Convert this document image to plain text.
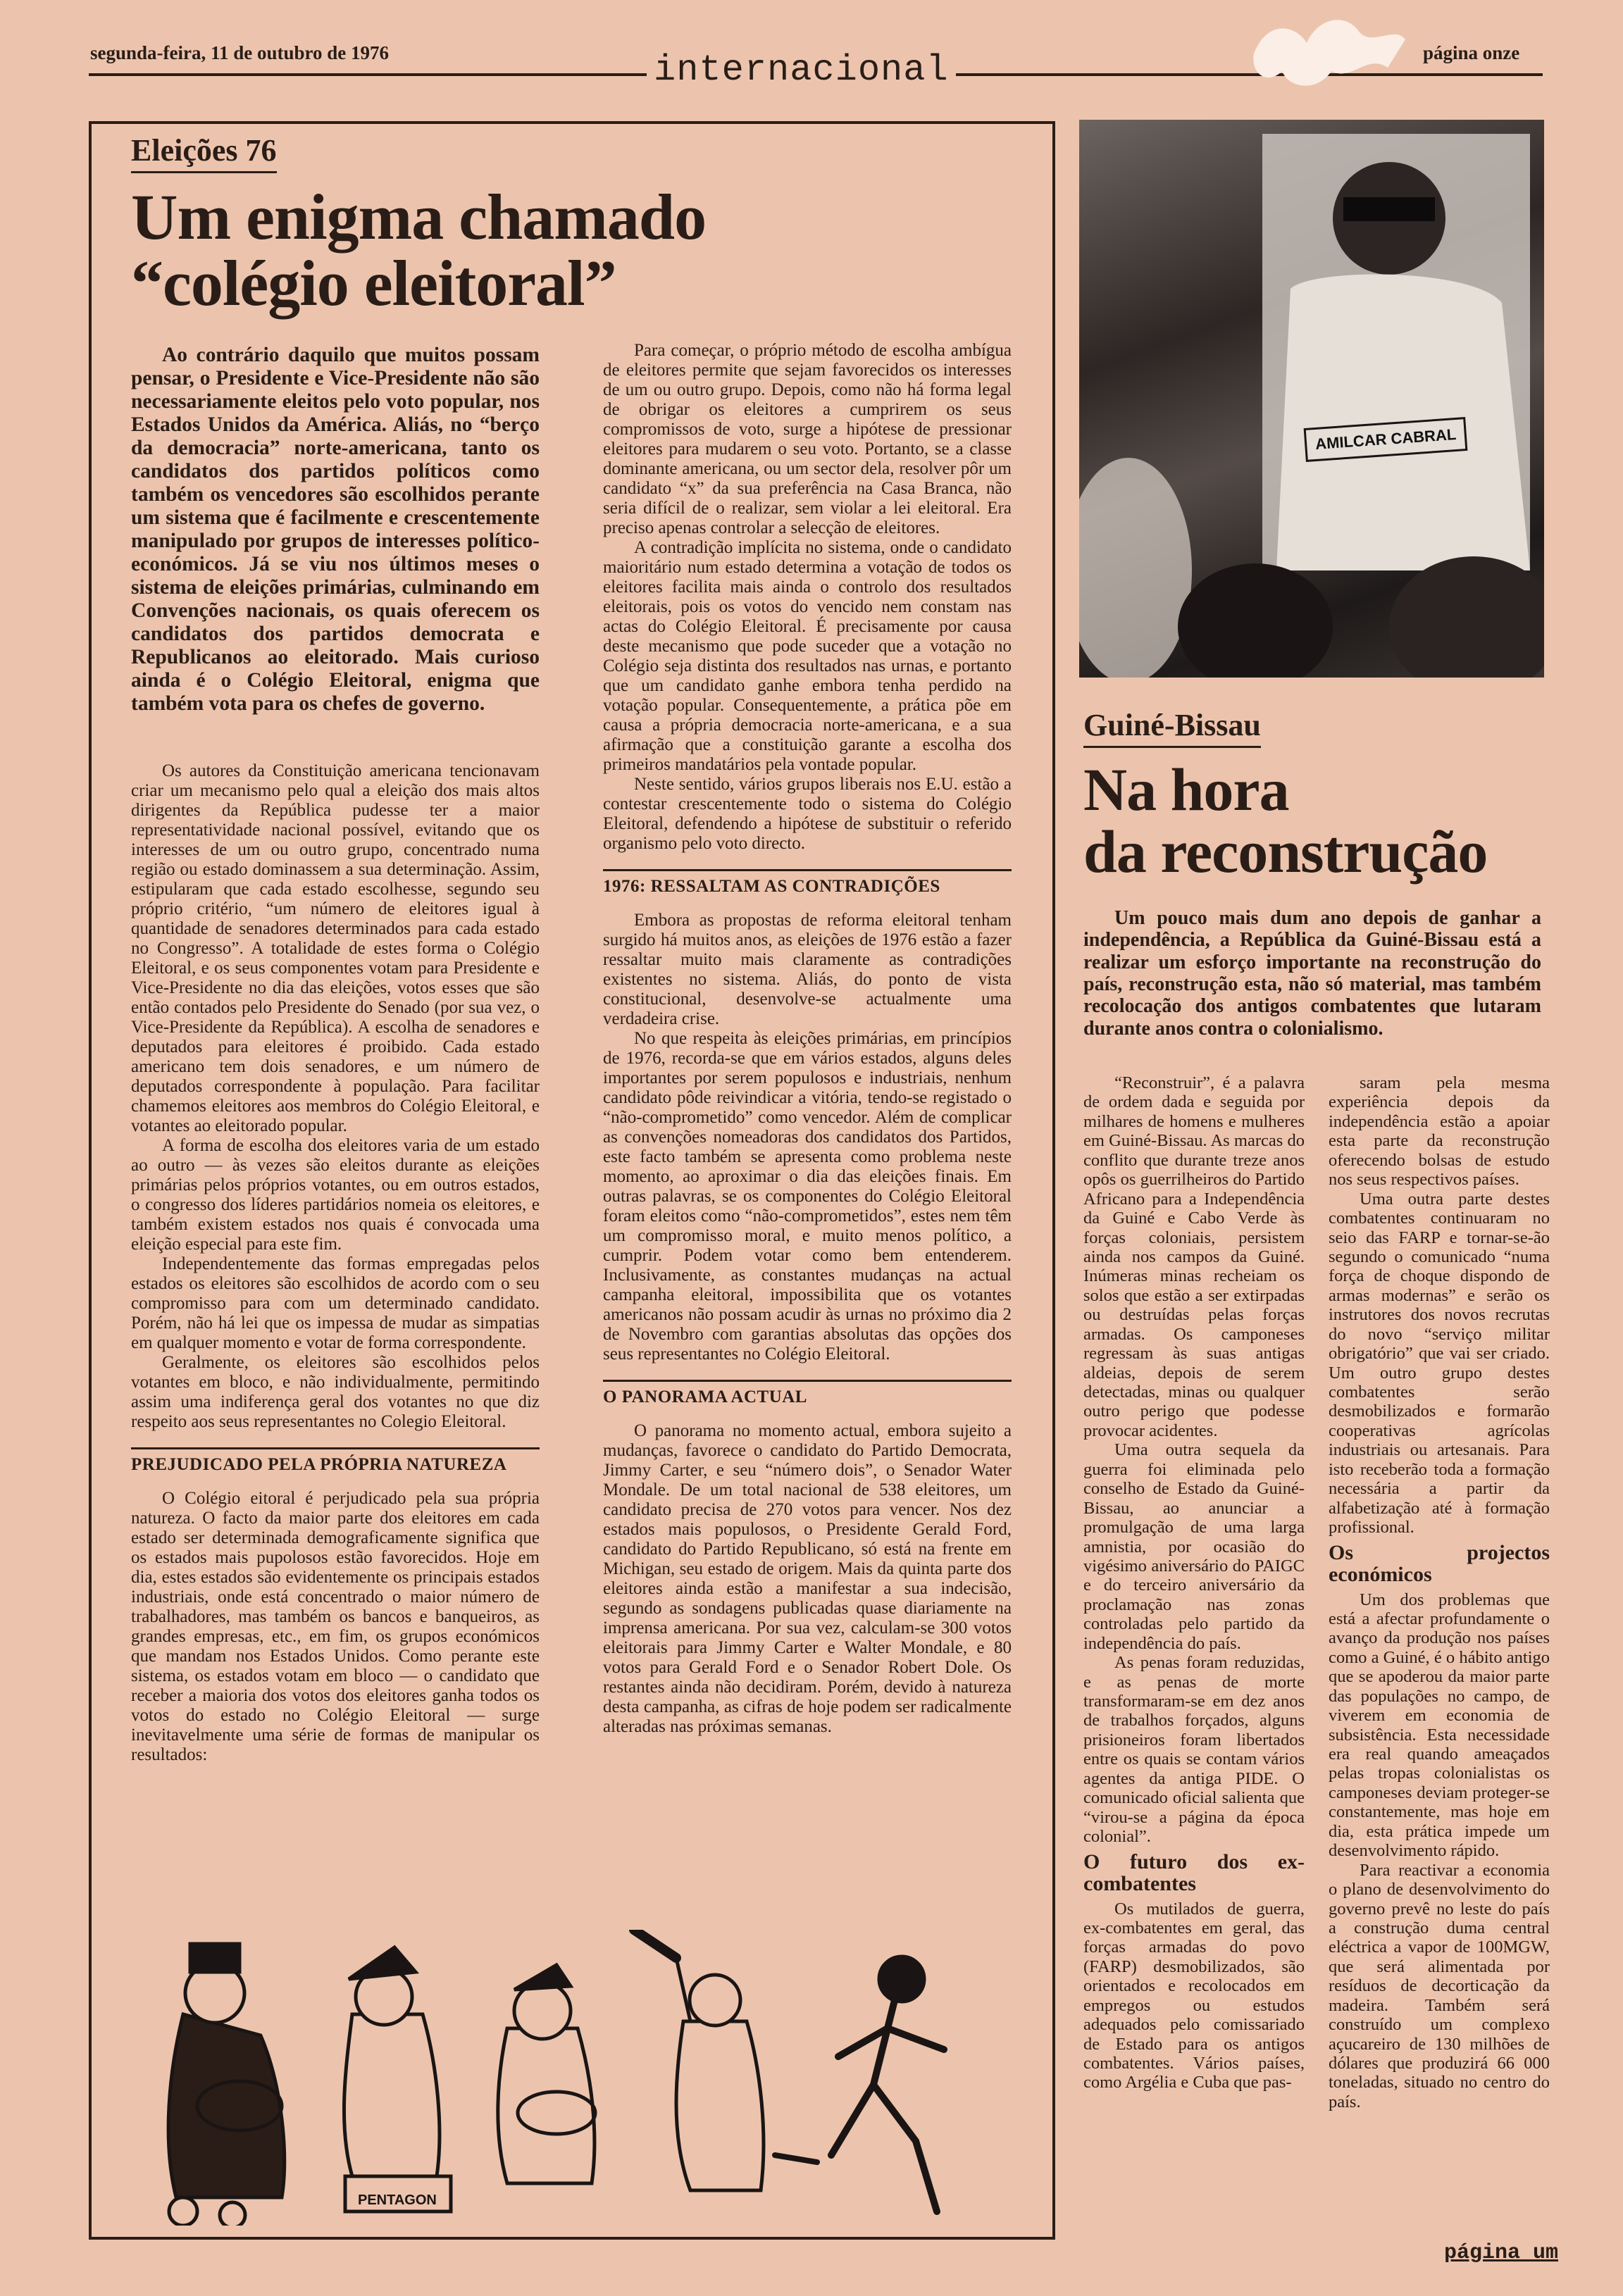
segunda-feira, 11 de outubro de 1976	internacional	página onze
Eleições 76
Um enigma chamado
“colégio eleitoral”

Ao contrário daquilo que muitos possam pensar, o Presidente e Vice-Presidente não são necessariamente eleitos pelo voto popular, nos Estados Unidos da América. Aliás, no “berço da democracia” norte-americana, tanto os candidatos dos partidos políticos como também os vencedores são escolhidos perante um sistema que é facilmente e crescentemente manipulado por grupos de interesses político-económicos. Já se viu nos últimos meses o sistema de eleições primárias, culminando em Convenções nacionais, os quais oferecem os candidatos dos partidos democrata e Republicanos ao eleitorado. Mais curioso ainda é o Colégio Eleitoral, enigma que também vota para os chefes de governo.

Os autores da Constituição americana tencionavam criar um mecanismo pelo qual a eleição dos mais altos dirigentes da República pudesse ter a maior representatividade nacional possível, evitando que os interesses de um ou outro grupo, concentrado numa região ou estado dominassem a sua determinação. Assim, estipularam que cada estado escolhesse, segundo seu próprio critério, “um número de eleitores igual à quantidade de senadores determinados para cada estado no Congresso”. A totalidade de estes forma o Colégio Eleitoral, e os seus componentes votam para Presidente e Vice-Presidente no dia das eleições, votos esses que são então contados pelo Presidente do Senado (por sua vez, o Vice-Presidente da República). A escolha de senadores e deputados para eleitores é proibido. Cada estado americano tem dois senadores, e um número de deputados correspondente à população. Para facilitar chamemos eleitores aos membros do Colégio Eleitoral, e votantes ao eleitorado popular.

A forma de escolha dos eleitores varia de um estado ao outro — às vezes são eleitos durante as eleições primárias pelos próprios votantes, ou em outros estados, o congresso dos líderes partidários nomeia os eleitores, e também existem estados nos quais é convocada uma eleição especial para este fim.

Independentemente das formas empregadas pelos estados os eleitores são escolhidos de acordo com o seu compromisso para com um determinado candidato. Porém, não há lei que os impessa de mudar as simpatias em qualquer momento e votar de forma correspondente.

Geralmente, os eleitores são escolhidos pelos votantes em bloco, e não individualmente, permitindo assim uma indiferença geral dos votantes no que diz respeito aos seus representantes no Colegio Eleitoral.

PREJUDICADO PELA PRÓPRIA NATUREZA

O Colégio eitoral é perjudicado pela sua própria natureza. O facto da maior parte dos eleitores em cada estado ser determinada demograficamente significa que os estados mais pupolosos estão favorecidos. Hoje em dia, estes estados são evidentemente os principais estados industriais, onde está concentrado o maior número de trabalhadores, mas também os bancos e banqueiros, as grandes empresas, etc., em fim, os grupos económicos que mandam nos Estados Unidos. Como perante este sistema, os estados votam em bloco — o candidato que receber a maioria dos votos dos eleitores ganha todos os votos do estado no Colégio Eleitoral — surge inevitavelmente uma série de formas de manipular os resultados:

Para começar, o próprio método de escolha ambígua de eleitores permite que sejam favorecidos os interesses de um ou outro grupo. Depois, como não há forma legal de obrigar os eleitores a cumprirem os seus compromissos de voto, surge a hipótese de pressionar eleitores para mudarem o seu voto. Portanto, se a classe dominante americana, ou um sector dela, resolver pôr um candidato “x” da sua preferência na Casa Branca, não seria difícil de o realizar, sem violar a lei eleitoral. Era preciso apenas controlar a selecção de eleitores.

A contradição implícita no sistema, onde o candidato maioritário num estado determina a votação de todos os eleitores facilita mais ainda o controlo dos resultados eleitorais, pois os votos do vencido nem constam nas actas do Colégio Eleitoral. É precisamente por causa deste mecanismo que pode suceder que a votação no Colégio seja distinta dos resultados nas urnas, e portanto que um candidato ganhe embora tenha perdido na votação popular. Consequentemente, a prática põe em causa a própria democracia norte-americana, e a sua afirmação que a constituição garante a escolha dos primeiros mandatários pela vontade popular.

Neste sentido, vários grupos liberais nos E.U. estão a contestar crescentemente todo o sistema do Colégio Eleitoral, defendendo a hipótese de substituir o referido organismo pelo voto directo.

1976: RESSALTAM AS CONTRADIÇÕES

Embora as propostas de reforma eleitoral tenham surgido há muitos anos, as eleições de 1976 estão a fazer ressaltar muito mais claramente as contradições existentes no sistema. Aliás, do ponto de vista constitucional, desenvolve-se actualmente uma verdadeira crise.

No que respeita às eleições primárias, em princípios de 1976, recorda-se que em vários estados, alguns deles importantes por serem populosos e industriais, nenhum candidato pôde reivindicar a vitória, tendo-se registado o “não-comprometido” como vencedor. Além de complicar as convenções nomeadoras dos candidatos dos Partidos, este facto também se apresenta como problema neste momento, ao aproximar o dia das eleições finais. Em outras palavras, se os componentes do Colégio Eleitoral foram eleitos como “não-comprometidos”, estes nem têm um compromisso moral, e muito menos político, a cumprir. Podem votar como bem entenderem. Inclusivamente, as constantes mudanças na actual campanha eleitoral, impossibilita que os votantes americanos não possam acudir às urnas no próximo dia 2 de Novembro com garantias absolutas das opções dos seus representantes no Colégio Eleitoral.

O PANORAMA ACTUAL

O panorama no momento actual, embora sujeito a mudanças, favorece o candidato do Partido Democrata, Jimmy Carter, e seu “número dois”, o Senador Water Mondale. De um total nacional de 538 eleitores, um candidato precisa de 270 votos para vencer. Nos dez estados mais populosos, o Presidente Gerald Ford, candidato do Partido Republicano, só está na frente em Michigan, seu estado de origem. Mais da quinta parte dos eleitores ainda estão a manifestar a sua indecisão, segundo as sondagens publicadas quase diariamente na imprensa americana. Por sua vez, calculam-se 300 votos eleitorais para Jimmy Carter e Walter Mondale, e 80 votos para Gerald Ford e o Senador Robert Dole. Os restantes ainda não decidiram. Porém, devido à natureza desta campanha, as cifras de hoje podem ser radicalmente alteradas nas próximas semanas.

PENTAGON
AMILCAR CABRAL
Guiné-Bissau
Na hora
da reconstrução

Um pouco mais dum ano depois de ganhar a independência, a República da Guiné-Bissau está a realizar um esforço importante na reconstrução do país, reconstrução esta, não só material, mas também recolocação dos antigos combatentes que lutaram durante anos contra o colonialismo.

“Reconstruir”, é a palavra de ordem dada e seguida por milhares de homens e mulheres em Guiné-Bissau. As marcas do conflito que durante treze anos opôs os guerrilheiros do Partido Africano para a Independência da Guiné e Cabo Verde às forças coloniais, persistem ainda nos campos da Guiné. Inúmeras minas recheiam os solos que estão a ser extirpadas ou destruídas pelas forças armadas. Os camponeses regressam às suas antigas aldeias, depois de serem detectadas, minas ou qualquer outro perigo que podesse provocar acidentes.

Uma outra sequela da guerra foi eliminada pelo conselho de Estado da Guiné-Bissau, ao anunciar a promulgação de uma larga amnistia, por ocasião do vigésimo aniversário do PAIGC e do terceiro aniversário da proclamação nas zonas controladas pelo partido da independência do país.

As penas foram reduzidas, e as penas de morte transformaram-se em dez anos de trabalhos forçados, alguns prisioneiros foram libertados entre os quais se contam vários agentes da antiga PIDE. O comunicado oficial salienta que “virou-se a página da época colonial”.

O futuro dos ex-combatentes

Os mutilados de guerra, ex-combatentes em geral, das forças armadas do povo (FARP) desmobilizados, são orientados e recolocados em empregos ou estudos adequados pelo comissariado de Estado para os antigos combatentes. Vários países, como Argélia e Cuba que pas-

saram pela mesma experiência depois da independência estão a apoiar esta parte da reconstrução oferecendo bolsas de estudo nos seus respectivos países.

Uma outra parte destes combatentes continuaram no seio das FARP e tornar-se-ão segundo o comunicado “numa força de choque dispondo de armas modernas” e serão os instrutores dos novos recrutas do novo “serviço militar obrigatório” que vai ser criado. Um outro grupo destes combatentes serão desmobilizados e formarão cooperativas agrícolas industriais ou artesanais. Para isto receberão toda a formação necessária a partir da alfabetização até à formação profissional.

Os projectos económicos

Um dos problemas que está a afectar profundamente o avanço da produção nos países como a Guiné, é o hábito antigo que se apoderou da maior parte das populações no campo, de viverem em economia de subsistência. Esta necessidade era real quando ameaçados pelas tropas colonialistas os camponeses deviam proteger-se constantemente, mas hoje em dia, esta prática impede um desenvolvimento rápido.

Para reactivar a economia o plano de desenvolvimento do governo prevê no leste do país a construção duma central eléctrica a vapor de 100MGW, que será alimentada por resíduos de decorticação da madeira. Também será construído um complexo açucareiro de 130 milhões de dólares que produzirá 66 000 toneladas, situado no centro do país.

página um
